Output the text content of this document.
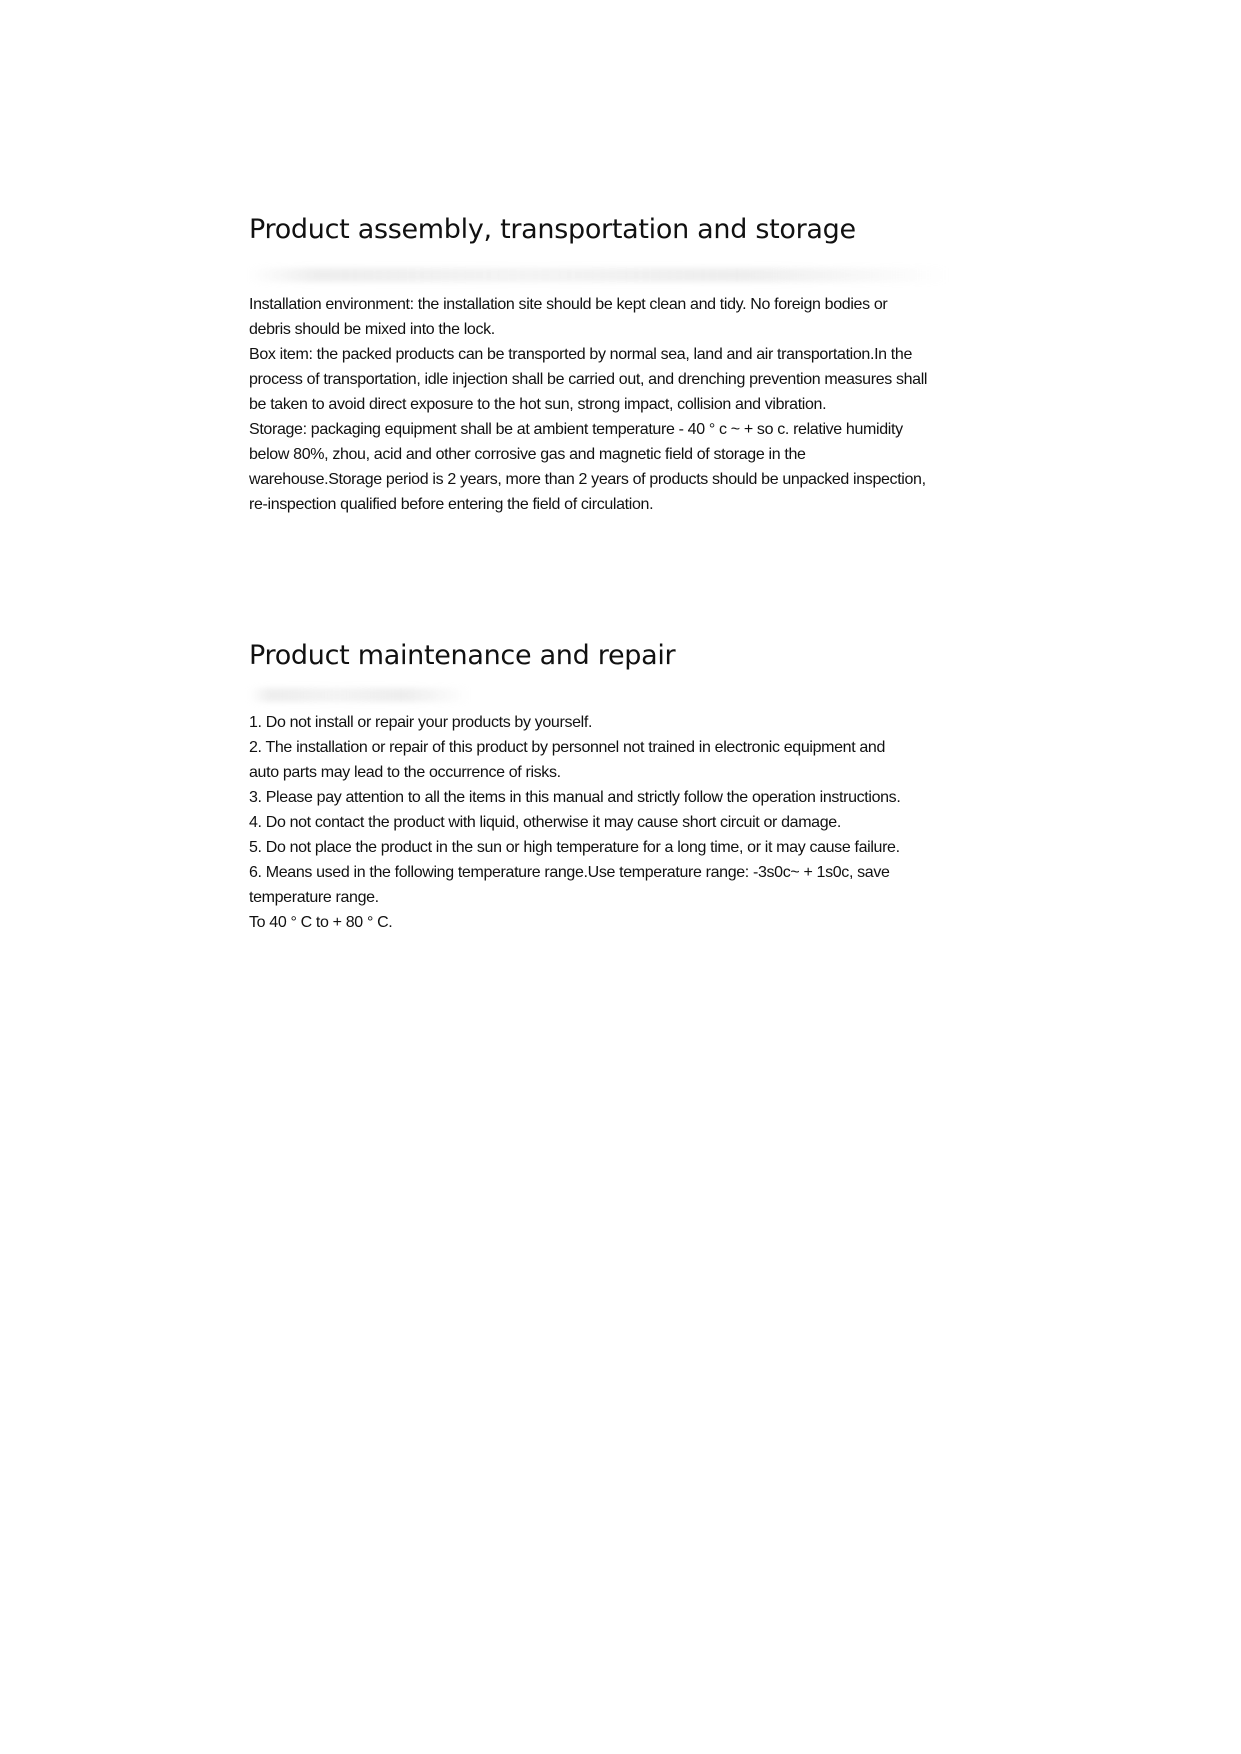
Product assembly, transportation and storage

Installation environment: the installation site should be kept clean and tidy. No foreign bodies or
debris should be mixed into the lock.
Box item: the packed products can be transported by normal sea, land and air transportation.In the
process of transportation, idle injection shall be carried out, and drenching prevention measures shall
be taken to avoid direct exposure to the hot sun, strong impact, collision and vibration.
Storage: packaging equipment shall be at ambient temperature - 40 ° c ~ + so c. relative humidity
below 80%, zhou, acid and other corrosive gas and magnetic field of storage in the
warehouse.Storage period is 2 years, more than 2 years of products should be unpacked inspection,
re-inspection qualified before entering the field of circulation.

Product maintenance and repair

1. Do not install or repair your products by yourself.
2. The installation or repair of this product by personnel not trained in electronic equipment and
auto parts may lead to the occurrence of risks.
3. Please pay attention to all the items in this manual and strictly follow the operation instructions.
4. Do not contact the product with liquid, otherwise it may cause short circuit or damage.
5. Do not place the product in the sun or high temperature for a long time, or it may cause failure.
6. Means used in the following temperature range.Use temperature range: -3s0c~ + 1s0c, save
temperature range.
To 40 ° C to + 80 ° C.
